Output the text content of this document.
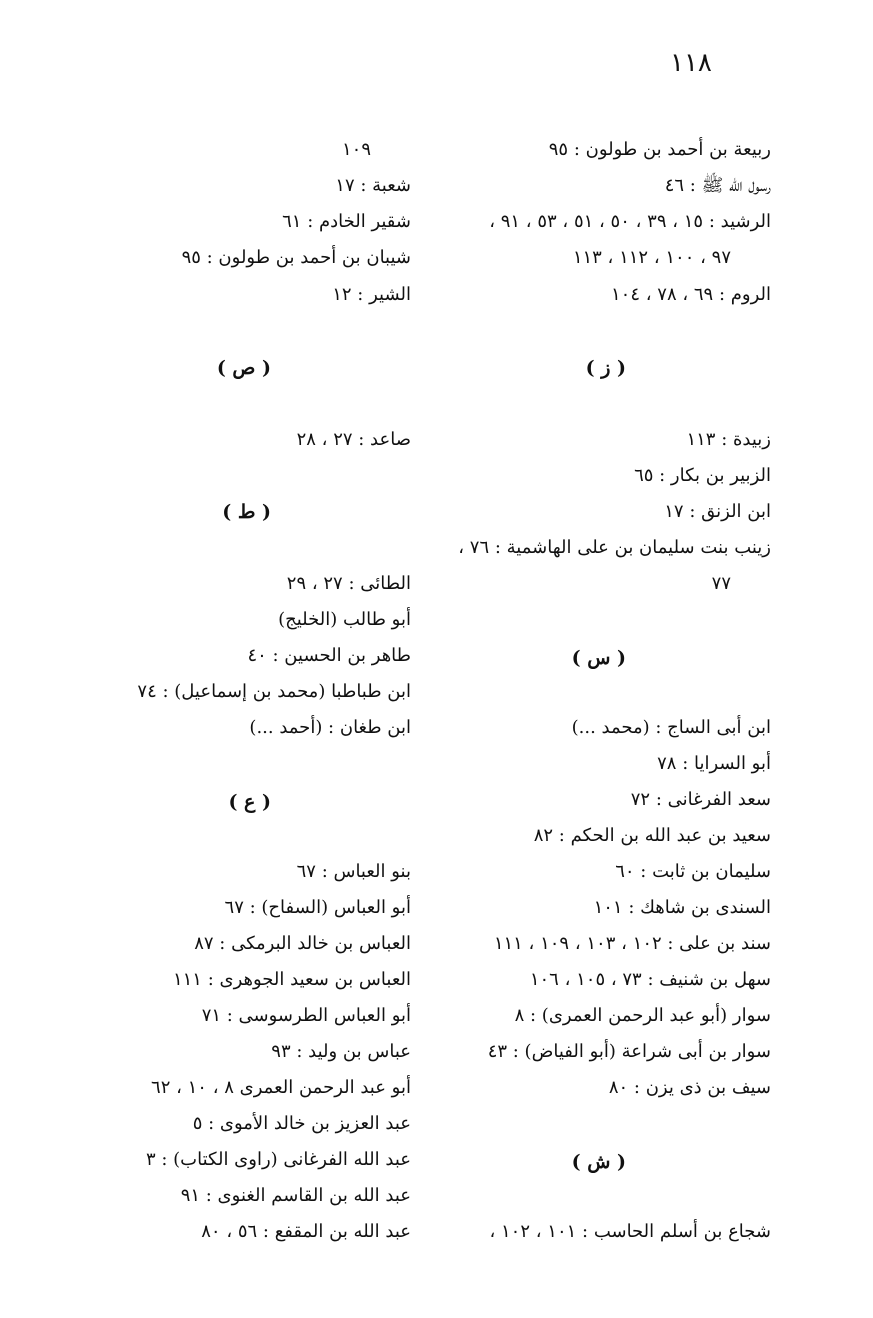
١١٨
ربيعة بن أحمد بن طولون : ٩٥
رسول الله ﷺ : ٤٦
الرشيد : ١٥ ، ٣٩ ، ٥٠ ، ٥١ ، ٥٣ ، ٩١ ،
٩٧ ، ١٠٠ ، ١١٢ ، ١١٣
الروم : ٦٩ ، ٧٨ ، ١٠٤
( ز )
زبيدة : ١١٣
الزبير بن بكار : ٦٥
ابن الزنق : ١٧
زينب بنت سليمان بن على الهاشمية : ٧٦ ،
٧٧
( س )
ابن أبى الساج : (محمد ...)
أبو السرايا : ٧٨
سعد الفرغانى : ٧٢
سعيد بن عبد الله بن الحكم : ٨٢
سليمان بن ثابت : ٦٠
السندى بن شاهك : ١٠١
سند بن على : ١٠٢ ، ١٠٣ ، ١٠٩ ، ١١١
سهل بن شنيف : ٧٣ ، ١٠٥ ، ١٠٦
سوار (أبو عبد الرحمن العمرى) : ٨
سوار بن أبى شراعة (أبو الفياض) : ٤٣
سيف بن ذى يزن : ٨٠
( ش )
شجاع بن أسلم الحاسب : ١٠١ ، ١٠٢ ،
١٠٩
شعبة : ١٧
شقير الخادم : ٦١
شيبان بن أحمد بن طولون : ٩٥
الشير : ١٢
( ص )
صاعد : ٢٧ ، ٢٨
( ط )
الطائى : ٢٧ ، ٢٩
أبو طالب (الخليج)
طاهر بن الحسين : ٤٠
ابن طباطبا (محمد بن إسماعيل) : ٧٤
ابن طغان : (أحمد ...)
( ع )
بنو العباس : ٦٧
أبو العباس (السفاح) : ٦٧
العباس بن خالد البرمكى : ٨٧
العباس بن سعيد الجوهرى : ١١١
أبو العباس الطرسوسى : ٧١
عباس بن وليد : ٩٣
أبو عبد الرحمن العمرى ٨ ، ١٠ ، ٦٢
عبد العزيز بن خالد الأموى : ٥
عبد الله الفرغانى (راوى الكتاب) : ٣
عبد الله بن القاسم الغنوى : ٩١
عبد الله بن المقفع : ٥٦ ، ٨٠
